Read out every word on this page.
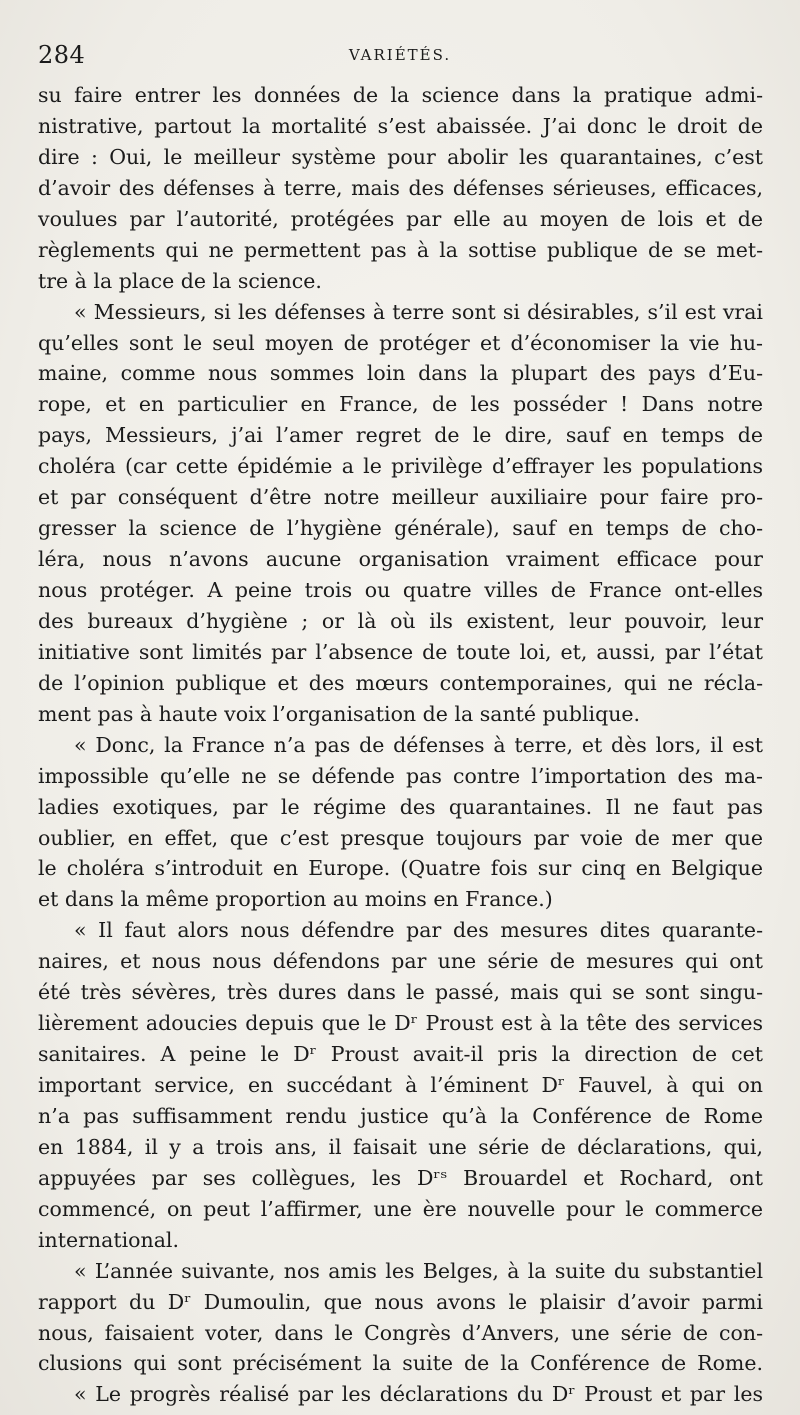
284	VARIÉTÉS.
su faire entrer les données de la science dans la pratique admi-
nistrative, partout la mortalité s’est abaissée. J’ai donc le droit de
dire : Oui, le meilleur système pour abolir les quarantaines, c’est
d’avoir des défenses à terre, mais des défenses sérieuses, efficaces,
voulues par l’autorité, protégées par elle au moyen de lois et de
règlements qui ne permettent pas à la sottise publique de se met-
tre à la place de la science.
« Messieurs, si les défenses à terre sont si désirables, s’il est vrai
qu’elles sont le seul moyen de protéger et d’économiser la vie hu-
maine, comme nous sommes loin dans la plupart des pays d’Eu-
rope, et en particulier en France, de les posséder ! Dans notre
pays, Messieurs, j’ai l’amer regret de le dire, sauf en temps de
choléra (car cette épidémie a le privilège d’effrayer les populations
et par conséquent d’être notre meilleur auxiliaire pour faire pro-
gresser la science de l’hygiène générale), sauf en temps de cho-
léra, nous n’avons aucune organisation vraiment efficace pour
nous protéger. A peine trois ou quatre villes de France ont-elles
des bureaux d’hygiène ; or là où ils existent, leur pouvoir, leur
initiative sont limités par l’absence de toute loi, et, aussi, par l’état
de l’opinion publique et des mœurs contemporaines, qui ne récla-
ment pas à haute voix l’organisation de la santé publique.
« Donc, la France n’a pas de défenses à terre, et dès lors, il est
impossible qu’elle ne se défende pas contre l’importation des ma-
ladies exotiques, par le régime des quarantaines. Il ne faut pas
oublier, en effet, que c’est presque toujours par voie de mer que
le choléra s’introduit en Europe. (Quatre fois sur cinq en Belgique
et dans la même proportion au moins en France.)
« Il faut alors nous défendre par des mesures dites quarante-
naires, et nous nous défendons par une série de mesures qui ont
été très sévères, très dures dans le passé, mais qui se sont singu-
lièrement adoucies depuis que le Dʳ Proust est à la tête des services
sanitaires. A peine le Dʳ Proust avait-il pris la direction de cet
important service, en succédant à l’éminent Dʳ Fauvel, à qui on
n’a pas suffisamment rendu justice qu’à la Conférence de Rome
en 1884, il y a trois ans, il faisait une série de déclarations, qui,
appuyées par ses collègues, les Dʳˢ Brouardel et Rochard, ont
commencé, on peut l’affirmer, une ère nouvelle pour le commerce
international.
« L’année suivante, nos amis les Belges, à la suite du substantiel
rapport du Dʳ Dumoulin, que nous avons le plaisir d’avoir parmi
nous, faisaient voter, dans le Congrès d’Anvers, une série de con-
clusions qui sont précisément la suite de la Conférence de Rome.
« Le progrès réalisé par les déclarations du Dʳ Proust et par les
